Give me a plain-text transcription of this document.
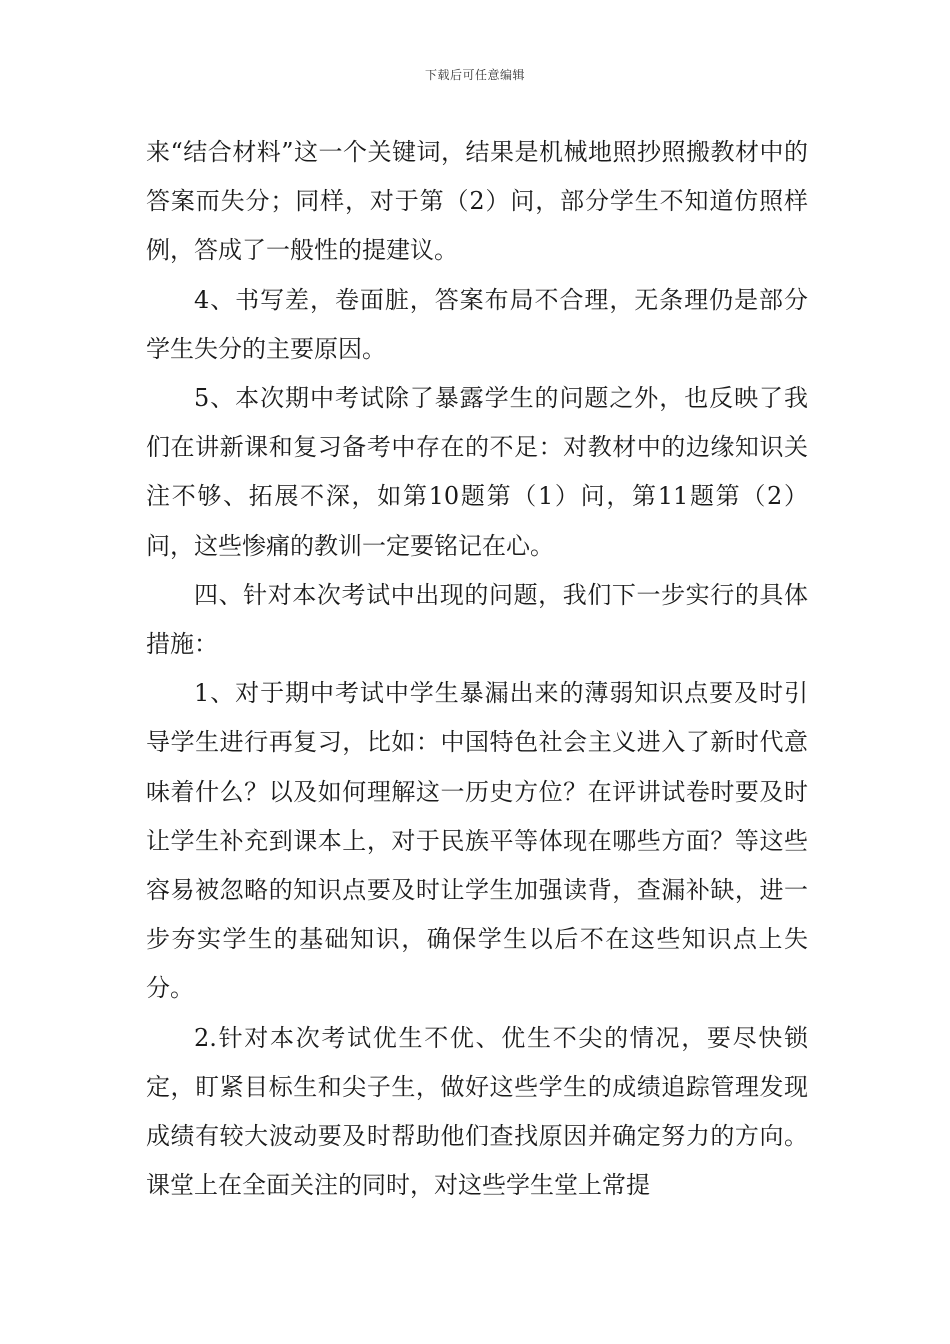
下载后可任意编辑

来“结合材料”这一个关键词，结果是机械地照抄照搬教材中的答案而失分；同样，对于第（2）问，部分学生不知道仿照样例，答成了一般性的提建议。

4、书写差，卷面脏，答案布局不合理，无条理仍是部分学生失分的主要原因。

5、本次期中考试除了暴露学生的问题之外，也反映了我们在讲新课和复习备考中存在的不足：对教材中的边缘知识关注不够、拓展不深，如第10题第（1）问，第11题第（2）问，这些惨痛的教训一定要铭记在心。

四、针对本次考试中出现的问题，我们下一步实行的具体措施：

1、对于期中考试中学生暴漏出来的薄弱知识点要及时引导学生进行再复习，比如：中国特色社会主义进入了新时代意味着什么？以及如何理解这一历史方位？在评讲试卷时要及时让学生补充到课本上，对于民族平等体现在哪些方面？等这些容易被忽略的知识点要及时让学生加强读背，查漏补缺，进一步夯实学生的基础知识，确保学生以后不在这些知识点上失分。

2.针对本次考试优生不优、优生不尖的情况，要尽快锁定，盯紧目标生和尖子生，做好这些学生的成绩追踪管理发现成绩有较大波动要及时帮助他们查找原因并确定努力的方向。课堂上在全面关注的同时，对这些学生堂上常提
